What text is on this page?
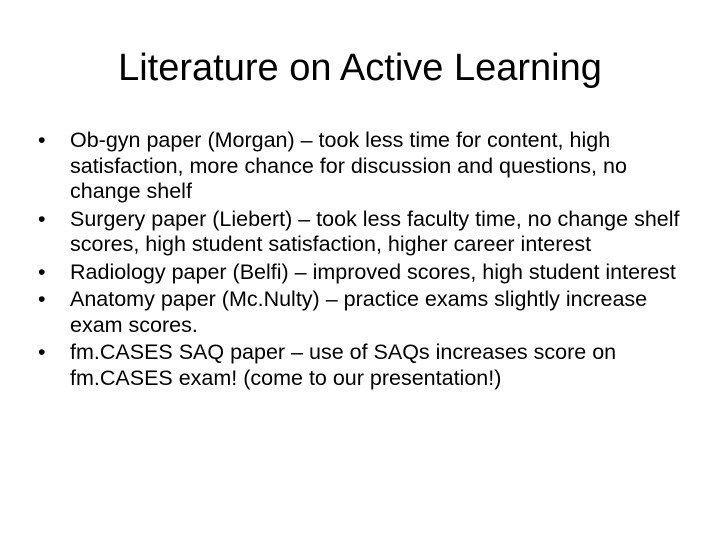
Literature on Active Learning
•	Ob-gyn paper (Morgan) – took less time for content, high satisfaction, more chance for discussion and questions, no change shelf
•	Surgery paper (Liebert) – took less faculty time, no change shelf scores, high student satisfaction, higher career interest
•	Radiology paper (Belfi) – improved scores, high student interest
•	Anatomy paper (Mc.Nulty) – practice exams slightly increase exam scores.
•	fm.CASES SAQ paper – use of SAQs increases score on fm.CASES exam! (come to our presentation!)
